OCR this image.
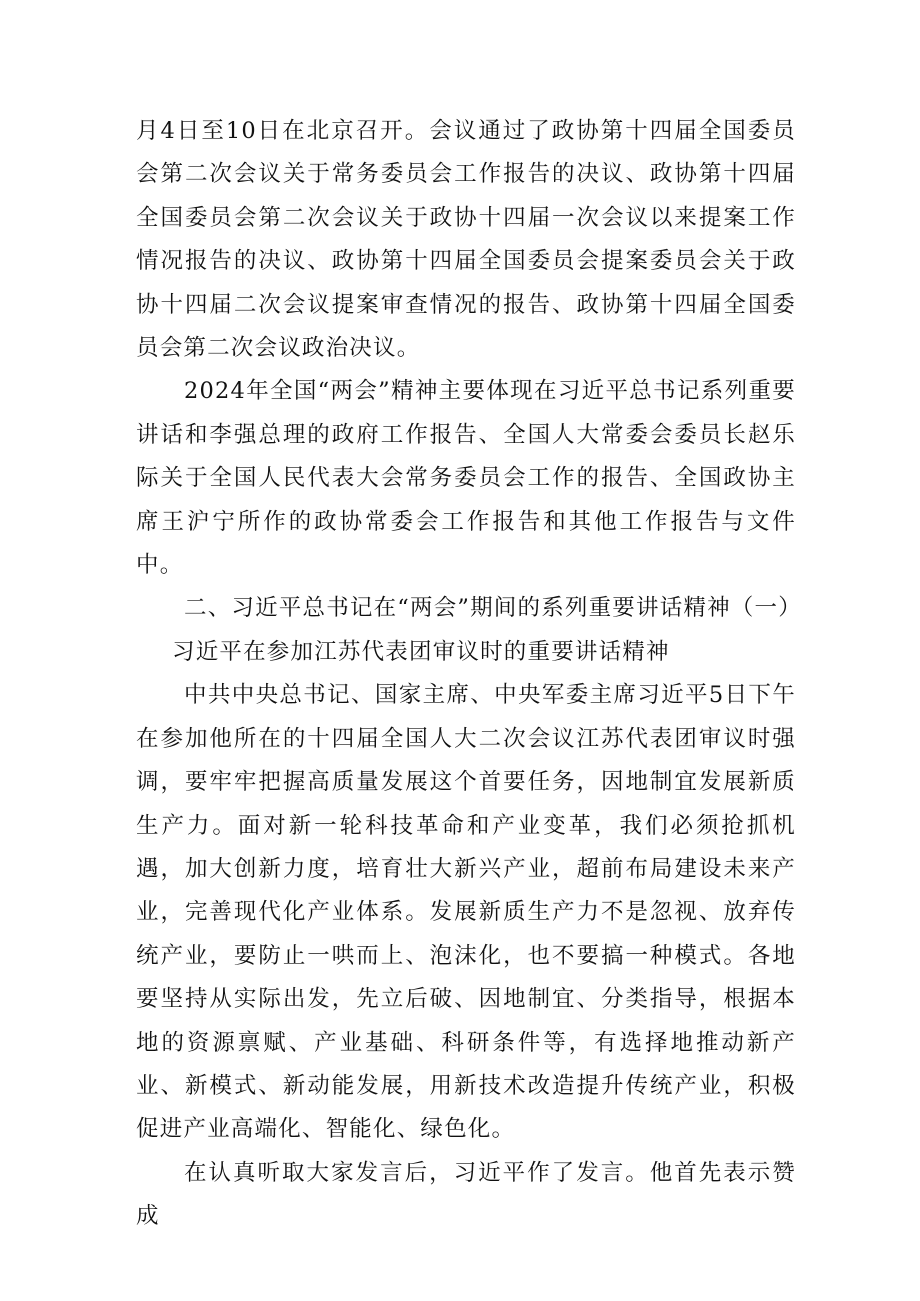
月4日至10日在北京召开。会议通过了政协第十四届全国委员会第二次会议关于常务委员会工作报告的决议、政协第十四届全国委员会第二次会议关于政协十四届一次会议以来提案工作情况报告的决议、政协第十四届全国委员会提案委员会关于政协十四届二次会议提案审查情况的报告、政协第十四届全国委员会第二次会议政治决议。

2024年全国“两会”精神主要体现在习近平总书记系列重要讲话和李强总理的政府工作报告、全国人大常委会委员长赵乐际关于全国人民代表大会常务委员会工作的报告、全国政协主席王沪宁所作的政协常委会工作报告和其他工作报告与文件中。

二、习近平总书记在“两会”期间的系列重要讲话精神（一）

习近平在参加江苏代表团审议时的重要讲话精神

中共中央总书记、国家主席、中央军委主席习近平5日下午在参加他所在的十四届全国人大二次会议江苏代表团审议时强调，要牢牢把握高质量发展这个首要任务，因地制宜发展新质生产力。面对新一轮科技革命和产业变革，我们必须抢抓机遇，加大创新力度，培育壮大新兴产业，超前布局建设未来产业，完善现代化产业体系。发展新质生产力不是忽视、放弃传统产业，要防止一哄而上、泡沫化，也不要搞一种模式。各地要坚持从实际出发，先立后破、因地制宜、分类指导，根据本地的资源禀赋、产业基础、科研条件等，有选择地推动新产业、新模式、新动能发展，用新技术改造提升传统产业，积极促进产业高端化、智能化、绿色化。

在认真听取大家发言后，习近平作了发言。他首先表示赞成
